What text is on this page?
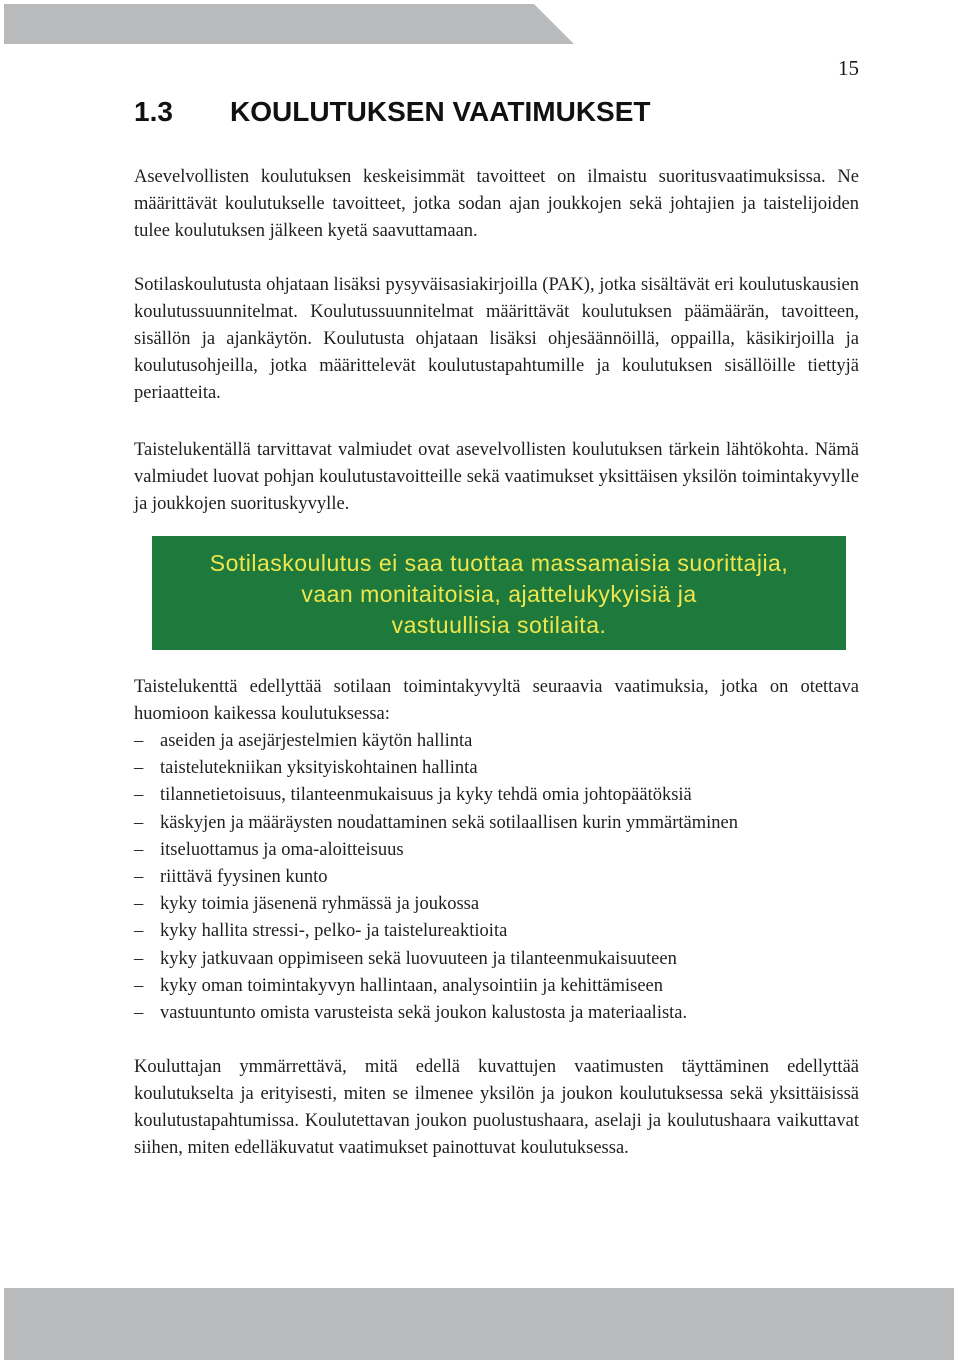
15
1.3 KOULUTUKSEN VAATIMUKSET

Asevelvollisten koulutuksen keskeisimmät tavoitteet on ilmaistu suoritusvaatimuksissa. Ne määrittävät koulutukselle tavoitteet, jotka sodan ajan joukkojen sekä johtajien ja taistelijoiden tulee koulutuksen jälkeen kyetä saavuttamaan.

Sotilaskoulutusta ohjataan lisäksi pysyväisasiakirjoilla (PAK), jotka sisältävät eri koulutuskausien koulutussuunnitelmat. Koulutussuunnitelmat määrittävät koulutuksen päämäärän, tavoitteen, sisällön ja ajankäytön. Koulutusta ohjataan lisäksi ohjesäännöillä, oppailla, käsikirjoilla ja koulutusohjeilla, jotka määrittelevät koulutustapahtumille ja koulutuksen sisällöille tiettyjä periaatteita.

Taistelukentällä tarvittavat valmiudet ovat asevelvollisten koulutuksen tärkein lähtökohta. Nämä valmiudet luovat pohjan koulutustavoitteille sekä vaatimukset yksittäisen yksilön toimintakyvylle ja joukkojen suorituskyvylle.

Sotilaskoulutus ei saa tuottaa massamaisia suorittajia,
vaan monitaitoisia, ajattelukykyisiä ja
vastuullisia sotilaita.

Taistelukenttä edellyttää sotilaan toimintakyvyltä seuraavia vaatimuksia, jotka on otettava huomioon kaikessa koulutuksessa:

– aseiden ja asejärjestelmien käytön hallinta
– taistelutekniikan yksityiskohtainen hallinta
– tilannetietoisuus, tilanteenmukaisuus ja kyky tehdä omia johtopäätöksiä
– käskyjen ja määräysten noudattaminen sekä sotilaallisen kurin ymmärtäminen
– itseluottamus ja oma-aloitteisuus
– riittävä fyysinen kunto
– kyky toimia jäsenenä ryhmässä ja joukossa
– kyky hallita stressi-, pelko- ja taistelureaktioita
– kyky jatkuvaan oppimiseen sekä luovuuteen ja tilanteenmukaisuuteen
– kyky oman toimintakyvyn hallintaan, analysointiin ja kehittämiseen
– vastuuntunto omista varusteista sekä joukon kalustosta ja materiaalista.

Kouluttajan ymmärrettävä, mitä edellä kuvattujen vaatimusten täyttäminen edellyttää koulutukselta ja erityisesti, miten se ilmenee yksilön ja joukon koulutuksessa sekä yksittäisissä koulutustapahtumissa. Koulutettavan joukon puolustushaara, aselaji ja koulutushaara vaikuttavat siihen, miten edelläkuvatut vaatimukset painottuvat koulutuksessa.
